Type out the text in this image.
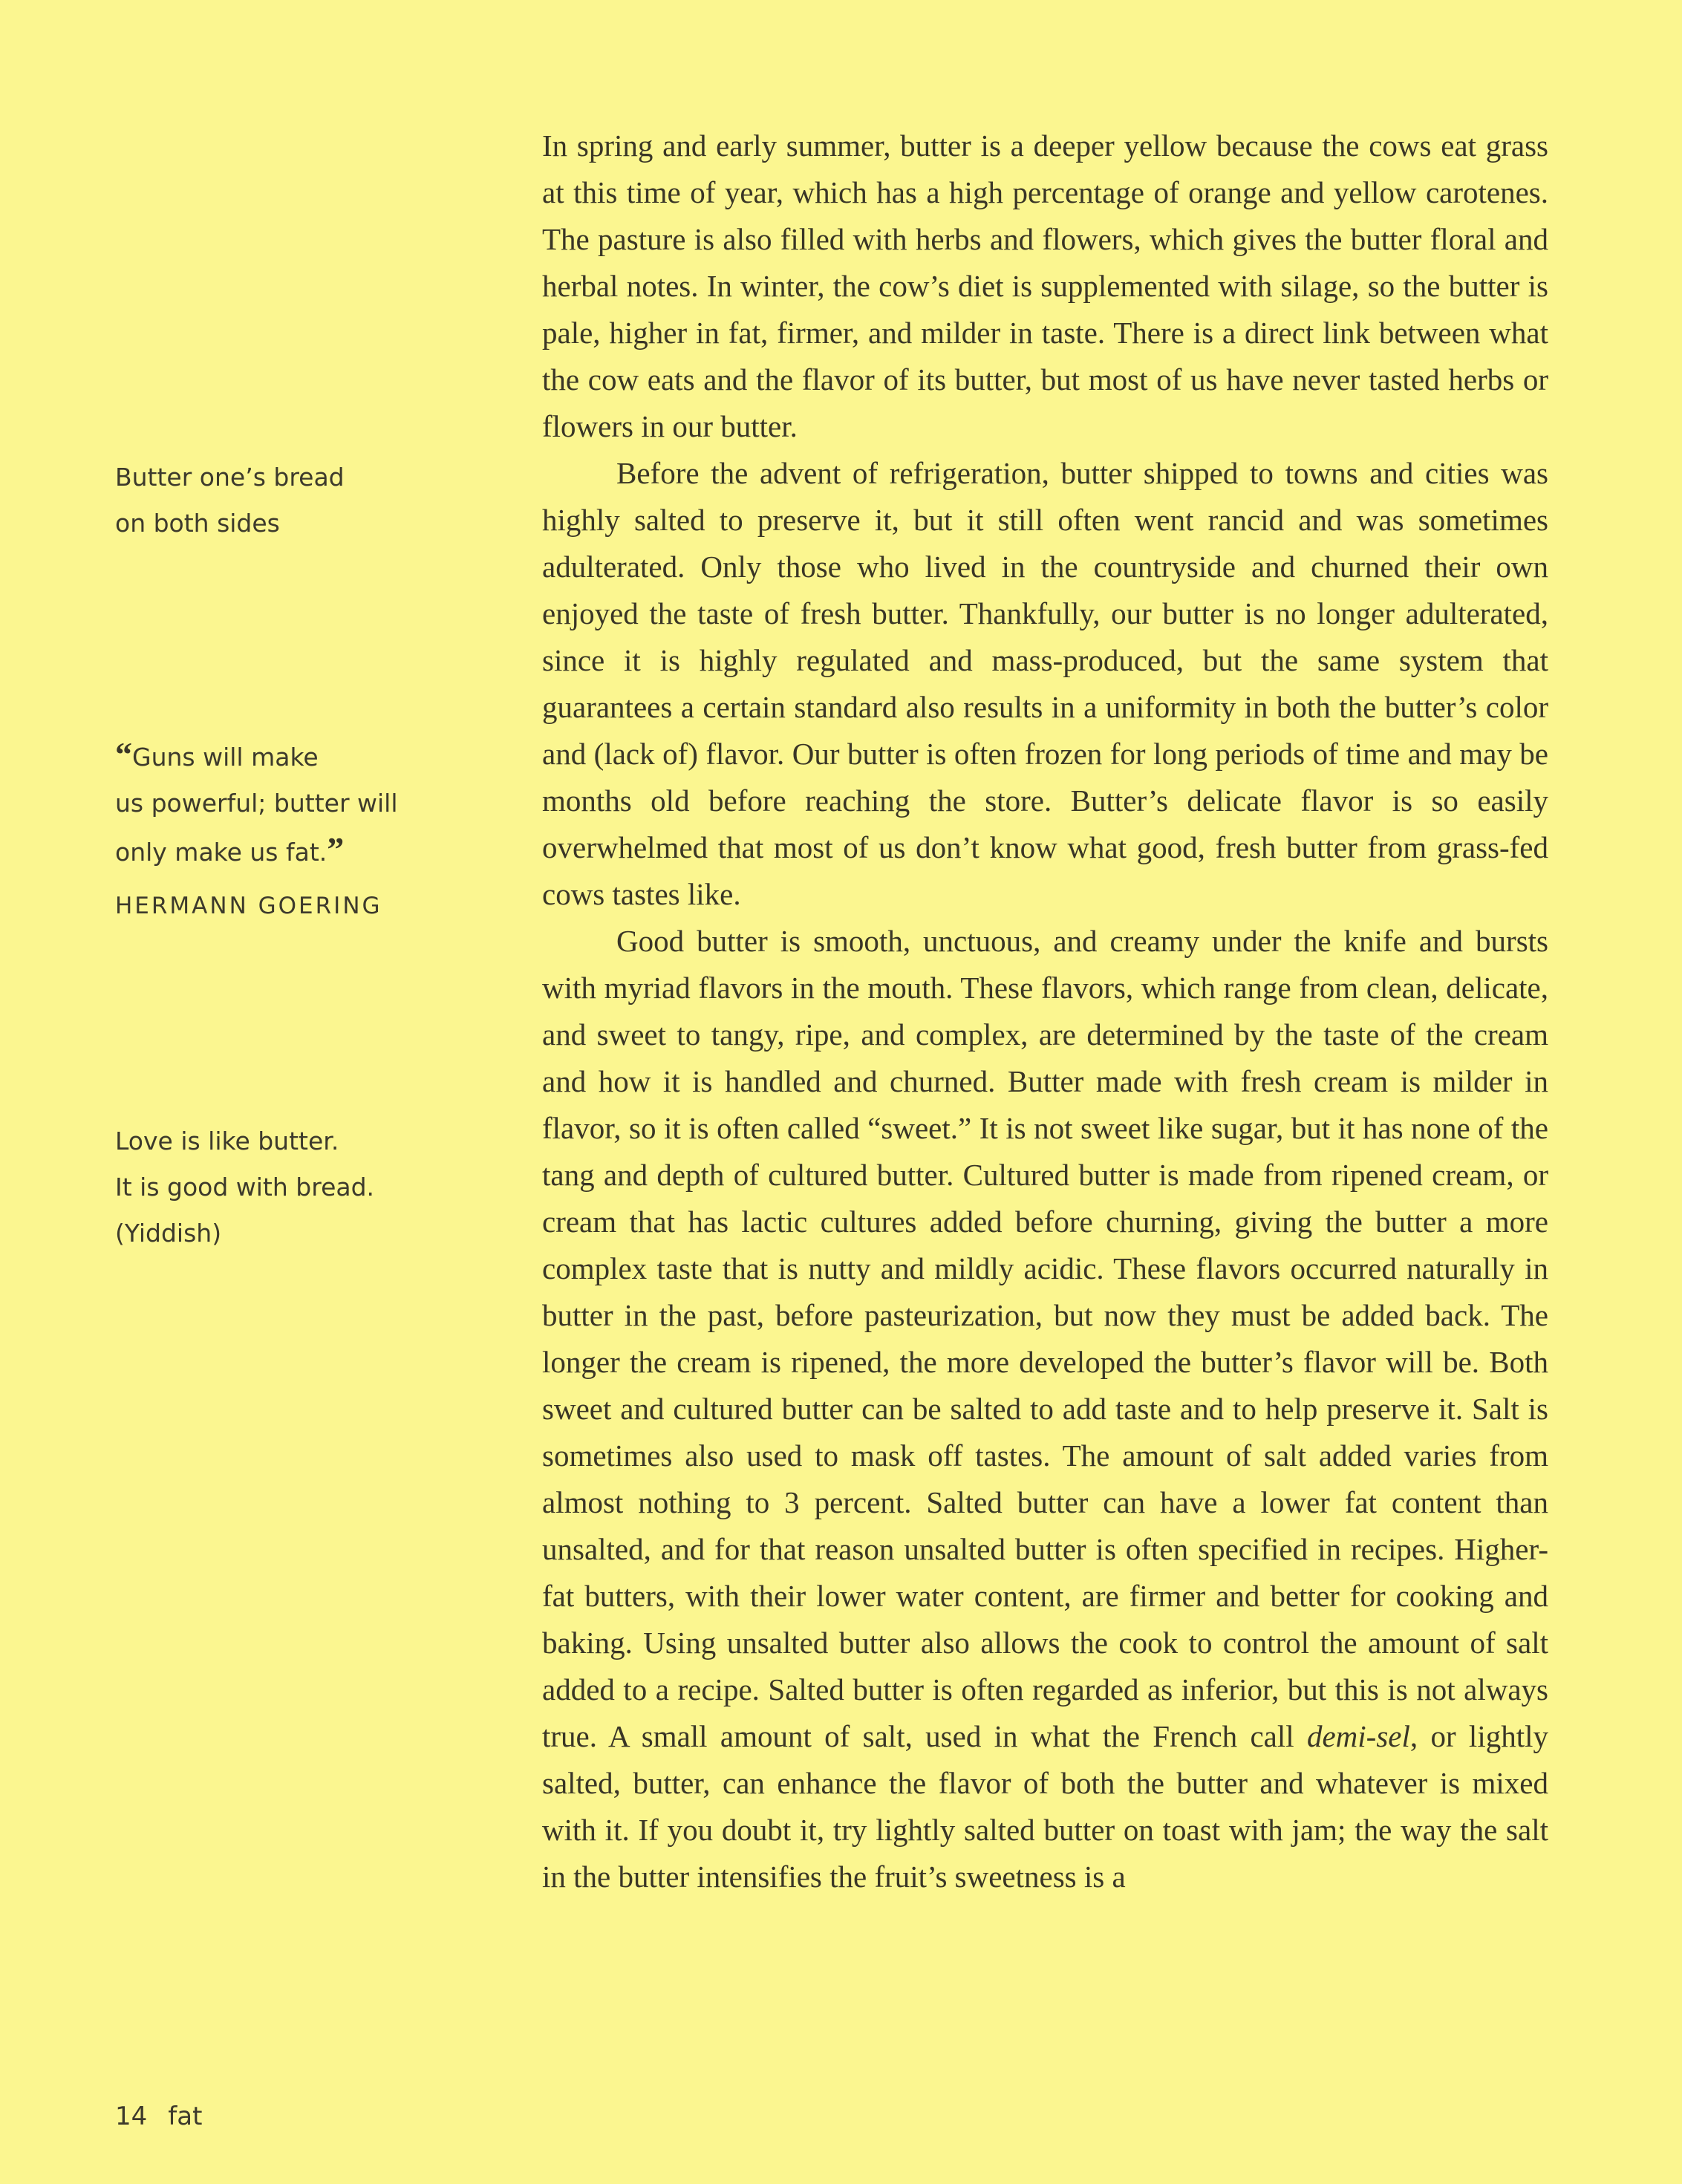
Butter one’s bread
on both sides
“Guns will make
us powerful; butter will
only make us fat.”
HERMANN GOERING
Love is like butter.
It is good with bread.
(Yiddish)

In spring and early summer, butter is a deeper yellow because the cows eat grass at this time of year, which has a high percentage of orange and yellow carotenes. The pasture is also filled with herbs and flowers, which gives the butter floral and herbal notes. In winter, the cow’s diet is supplemented with silage, so the butter is pale, higher in fat, firmer, and milder in taste. There is a direct link between what the cow eats and the flavor of its butter, but most of us have never tasted herbs or flowers in our butter.

Before the advent of refrigeration, butter shipped to towns and cities was highly salted to preserve it, but it still often went rancid and was sometimes adulterated. Only those who lived in the countryside and churned their own enjoyed the taste of fresh butter. Thankfully, our butter is no longer adulterated, since it is highly regulated and mass-produced, but the same system that guarantees a certain standard also results in a uniformity in both the butter’s color and (lack of) flavor. Our butter is often frozen for long periods of time and may be months old before reaching the store. Butter’s delicate flavor is so easily overwhelmed that most of us don’t know what good, fresh butter from grass-fed cows tastes like.

Good butter is smooth, unctuous, and creamy under the knife and bursts with myriad flavors in the mouth. These flavors, which range from clean, delicate, and sweet to tangy, ripe, and complex, are determined by the taste of the cream and how it is handled and churned. Butter made with fresh cream is milder in flavor, so it is often called “sweet.” It is not sweet like sugar, but it has none of the tang and depth of cultured butter. Cultured butter is made from ripened cream, or cream that has lactic cultures added before churning, giving the butter a more complex taste that is nutty and mildly acidic. These flavors occurred naturally in butter in the past, before pasteurization, but now they must be added back. The longer the cream is ripened, the more developed the butter’s flavor will be. Both sweet and cultured butter can be salted to add taste and to help preserve it. Salt is sometimes also used to mask off tastes. The amount of salt added varies from almost nothing to 3 percent. Salted butter can have a lower fat content than unsalted, and for that reason unsalted butter is often specified in recipes. Higher-fat butters, with their lower water content, are firmer and better for cooking and baking. Using unsalted butter also allows the cook to control the amount of salt added to a recipe. Salted butter is often regarded as inferior, but this is not always true. A small amount of salt, used in what the French call demi-sel, or lightly salted, butter, can enhance the flavor of both the butter and whatever is mixed with it. If you doubt it, try lightly salted butter on toast with jam; the way the salt in the butter intensifies the fruit’s sweetness is a

14 fat
